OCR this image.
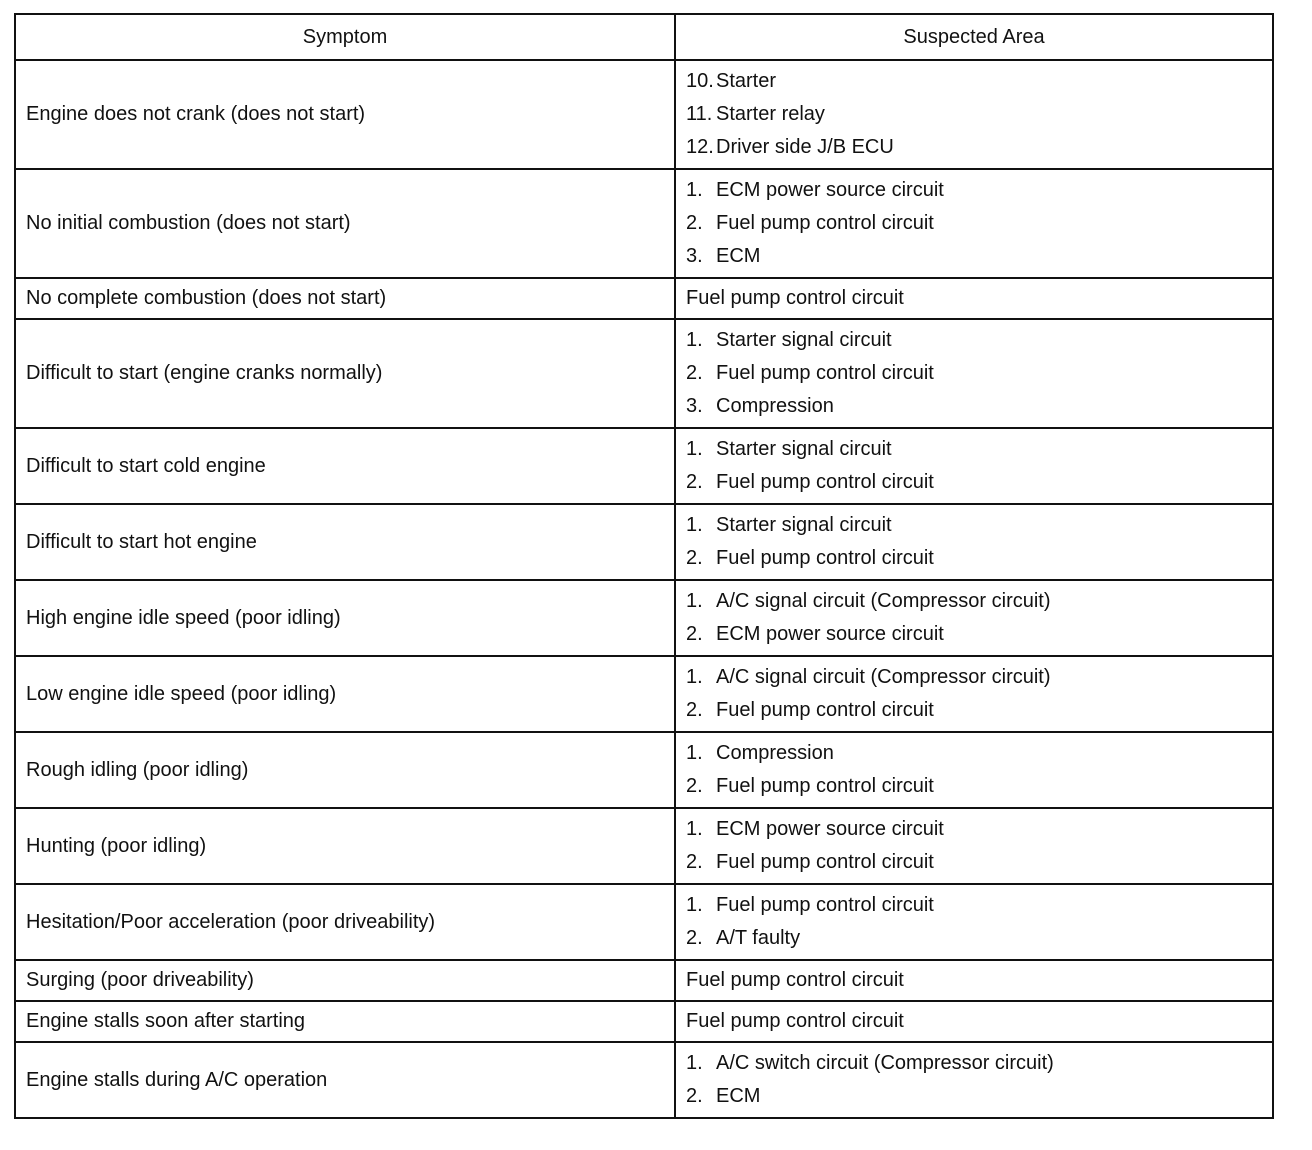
Symptom	Suspected Area
Engine does not crank (does not start)	10. Starter
11. Starter relay
12. Driver side J/B ECU

No initial combustion (does not start)	1. ECM power source circuit
2. Fuel pump control circuit
3. ECM

No complete combustion (does not start)	Fuel pump control circuit

Difficult to start (engine cranks normally)	1. Starter signal circuit
2. Fuel pump control circuit
3. Compression

Difficult to start cold engine	1. Starter signal circuit
2. Fuel pump control circuit

Difficult to start hot engine	1. Starter signal circuit
2. Fuel pump control circuit

High engine idle speed (poor idling)	1. A/C signal circuit (Compressor circuit)
2. ECM power source circuit

Low engine idle speed (poor idling)	1. A/C signal circuit (Compressor circuit)
2. Fuel pump control circuit

Rough idling (poor idling)	1. Compression
2. Fuel pump control circuit

Hunting (poor idling)	1. ECM power source circuit
2. Fuel pump control circuit

Hesitation/Poor acceleration (poor driveability)	1. Fuel pump control circuit
2. A/T faulty

Surging (poor driveability)	Fuel pump control circuit

Engine stalls soon after starting	Fuel pump control circuit

Engine stalls during A/C operation	1. A/C switch circuit (Compressor circuit)
2. ECM
